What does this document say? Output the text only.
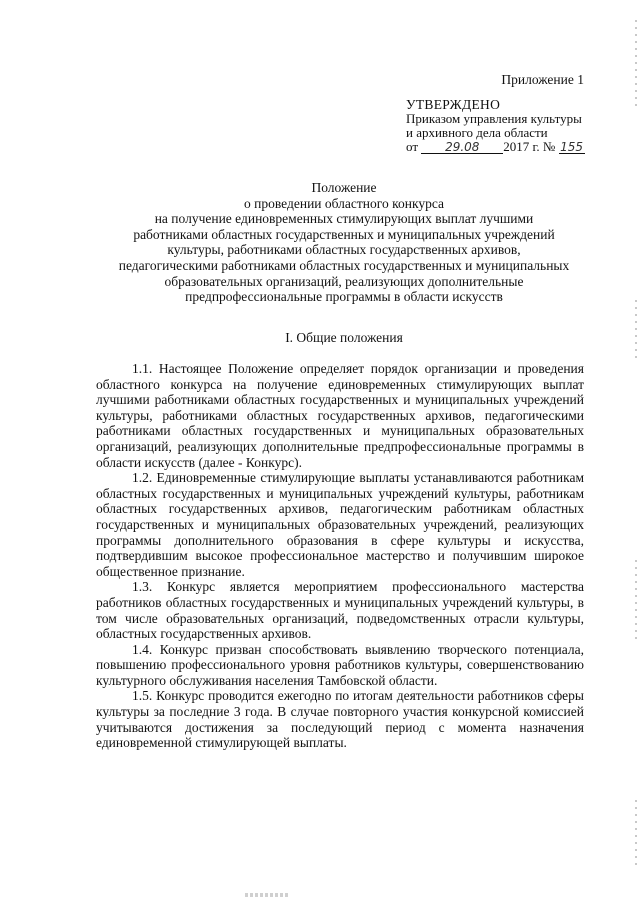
Приложение 1
УТВЕРЖДЕНО
Приказом управления культуры
и архивного дела области
от 29.08 2017 г. № 155
Положение
о проведении областного конкурса
на получение единовременных стимулирующих выплат лучшими
работниками областных государственных и муниципальных учреждений
культуры, работниками областных государственных архивов,
педагогическими работниками областных государственных и муниципальных
образовательных организаций, реализующих дополнительные
предпрофессиональные программы в области искусств
I. Общие положения

1.1. Настоящее Положение определяет порядок организации и проведения областного конкурса на получение единовременных стимулирующих выплат лучшими работниками областных государственных и муниципальных учреждений культуры, работниками областных государственных архивов, педагогическими работниками областных государственных и муниципальных образовательных организаций, реализующих дополнительные предпрофессиональные программы в области искусств (далее - Конкурс).

1.2. Единовременные стимулирующие выплаты устанавливаются работникам областных государственных и муниципальных учреждений культуры, работникам областных государственных архивов, педагогическим работникам областных государственных и муниципальных образовательных учреждений, реализующих программы дополнительного образования в сфере культуры и искусства, подтвердившим высокое профессиональное мастерство и получившим широкое общественное признание.

1.3. Конкурс является мероприятием профессионального мастерства работников областных государственных и муниципальных учреждений культуры, в том числе образовательных организаций, подведомственных отрасли культуры, областных государственных архивов.

1.4. Конкурс призван способствовать выявлению творческого потенциала, повышению профессионального уровня работников культуры, совершенствованию культурного обслуживания населения Тамбовской области.

1.5. Конкурс проводится ежегодно по итогам деятельности работников сферы культуры за последние 3 года. В случае повторного участия конкурсной комиссией учитываются достижения за последующий период с момента назначения единовременной стимулирующей выплаты.
